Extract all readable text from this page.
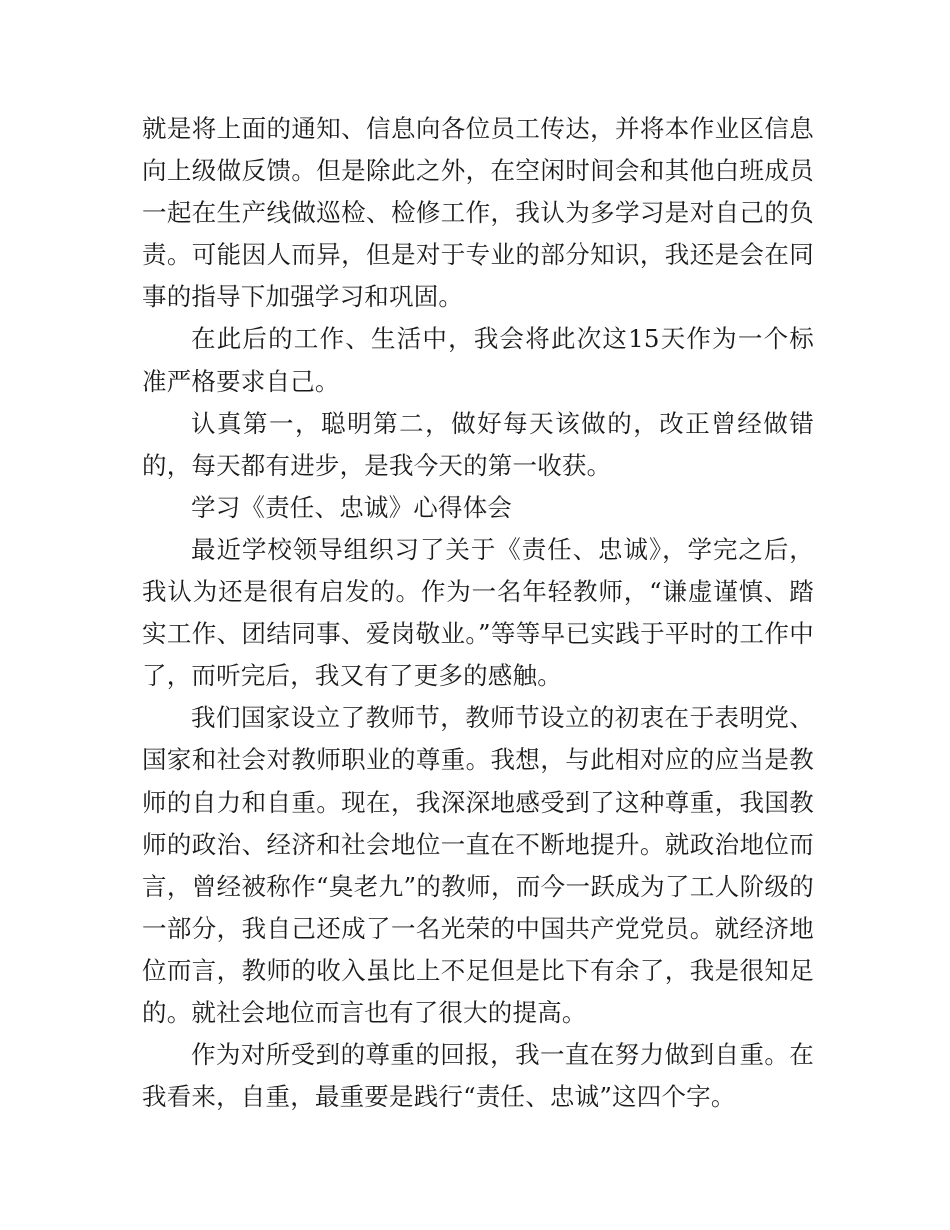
就是将上面的通知、信息向各位员工传达，并将本作业区信息向上级做反馈。但是除此之外，在空闲时间会和其他白班成员一起在生产线做巡检、检修工作，我认为多学习是对自己的负责。可能因人而异，但是对于专业的部分知识，我还是会在同事的指导下加强学习和巩固。

在此后的工作、生活中，我会将此次这15天作为一个标准严格要求自己。

认真第一，聪明第二，做好每天该做的，改正曾经做错的，每天都有进步，是我今天的第一收获。

学习《责任、忠诚》心得体会

最近学校领导组织习了关于《责任、忠诚》，学完之后，我认为还是很有启发的。作为一名年轻教师，“谦虚谨慎、踏实工作、团结同事、爱岗敬业。”等等早已实践于平时的工作中了，而听完后，我又有了更多的感触。

我们国家设立了教师节，教师节设立的初衷在于表明党、国家和社会对教师职业的尊重。我想，与此相对应的应当是教师的自力和自重。现在，我深深地感受到了这种尊重，我国教师的政治、经济和社会地位一直在不断地提升。就政治地位而言，曾经被称作“臭老九”的教师，而今一跃成为了工人阶级的一部分，我自己还成了一名光荣的中国共产党党员。就经济地位而言，教师的收入虽比上不足但是比下有余了，我是很知足的。就社会地位而言也有了很大的提高。

作为对所受到的尊重的回报，我一直在努力做到自重。在我看来，自重，最重要是践行“责任、忠诚”这四个字。
